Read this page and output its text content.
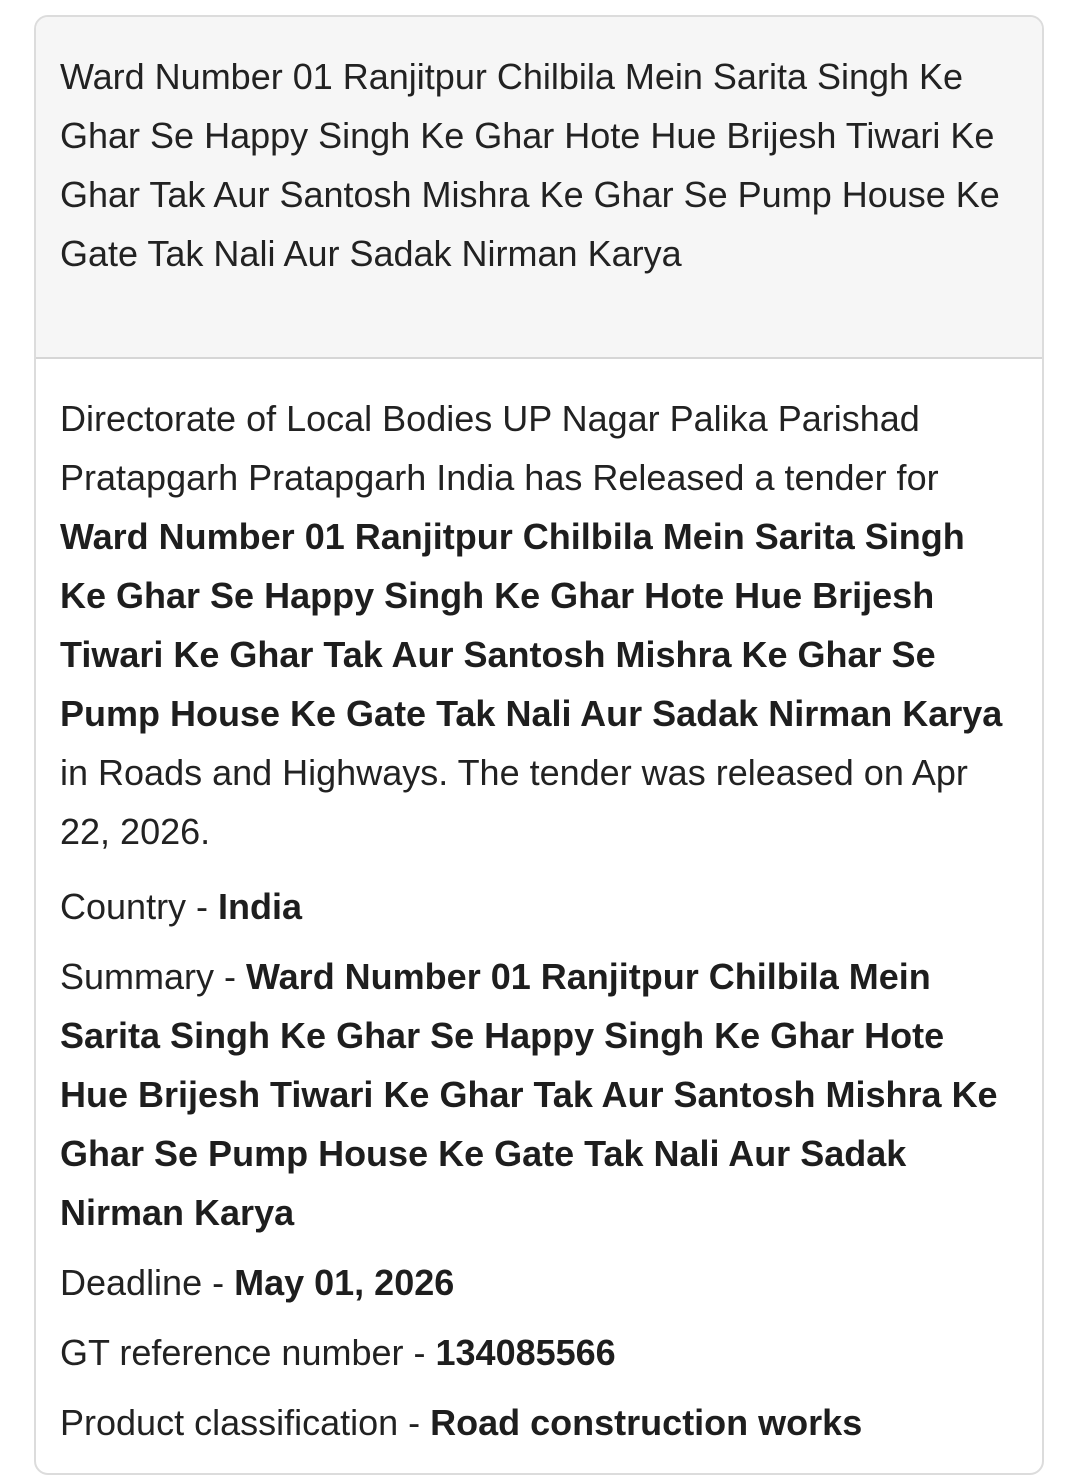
Ward Number 01 Ranjitpur Chilbila Mein Sarita Singh Ke Ghar Se Happy Singh Ke Ghar Hote Hue Brijesh Tiwari Ke Ghar Tak Aur Santosh Mishra Ke Ghar Se Pump House Ke Gate Tak Nali Aur Sadak Nirman Karya

Directorate of Local Bodies UP Nagar Palika Parishad Pratapgarh Pratapgarh India has Released a tender for Ward Number 01 Ranjitpur Chilbila Mein Sarita Singh Ke Ghar Se Happy Singh Ke Ghar Hote Hue Brijesh Tiwari Ke Ghar Tak Aur Santosh Mishra Ke Ghar Se Pump House Ke Gate Tak Nali Aur Sadak Nirman Karya in Roads and Highways. The tender was released on Apr 22, 2026.

Country - India
Summary - Ward Number 01 Ranjitpur Chilbila Mein Sarita Singh Ke Ghar Se Happy Singh Ke Ghar Hote Hue Brijesh Tiwari Ke Ghar Tak Aur Santosh Mishra Ke Ghar Se Pump House Ke Gate Tak Nali Aur Sadak Nirman Karya
Deadline - May 01, 2026
GT reference number - 134085566
Product classification - Road construction works
